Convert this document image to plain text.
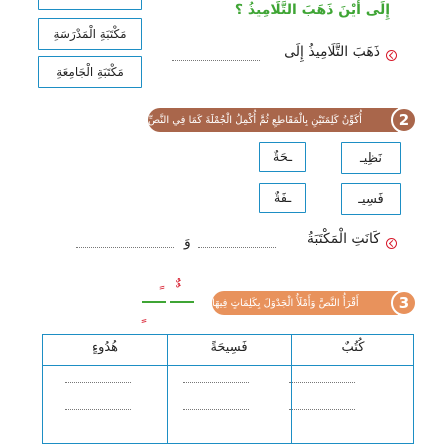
مَكْتَبَةِ الْمَدْرَسَةِ
مَكْتَبَةِ الْجَامِعَةِ
إِلَى أَيْنَ ذَهَبَ التَّلَامِيذُ ؟
ذَهَبَ التَّلَامِيذُ إِلَى
أُكَوِّنُ كَلِمَتَيْنِ بِالْمَقَاطِعِ ثُمَّ أُكْمِلُ الْجُمْلَةَ كَمَا فِي النَّصِّ 2
نَظِيـ
ـحَةٌ
فَسِيـ
ـفَةٌ
كَانَتِ الْمَكْتَبَةُ
وَ
ٌ ٌ
أَقْرَأُ النَّصَّ وَأَمْلَأُ الْجَدْوَلَ بِكَلِمَاتٍ فِيهَا	3
كُتُبٌ
فَسِيحَةً
هُدُوءٍ
